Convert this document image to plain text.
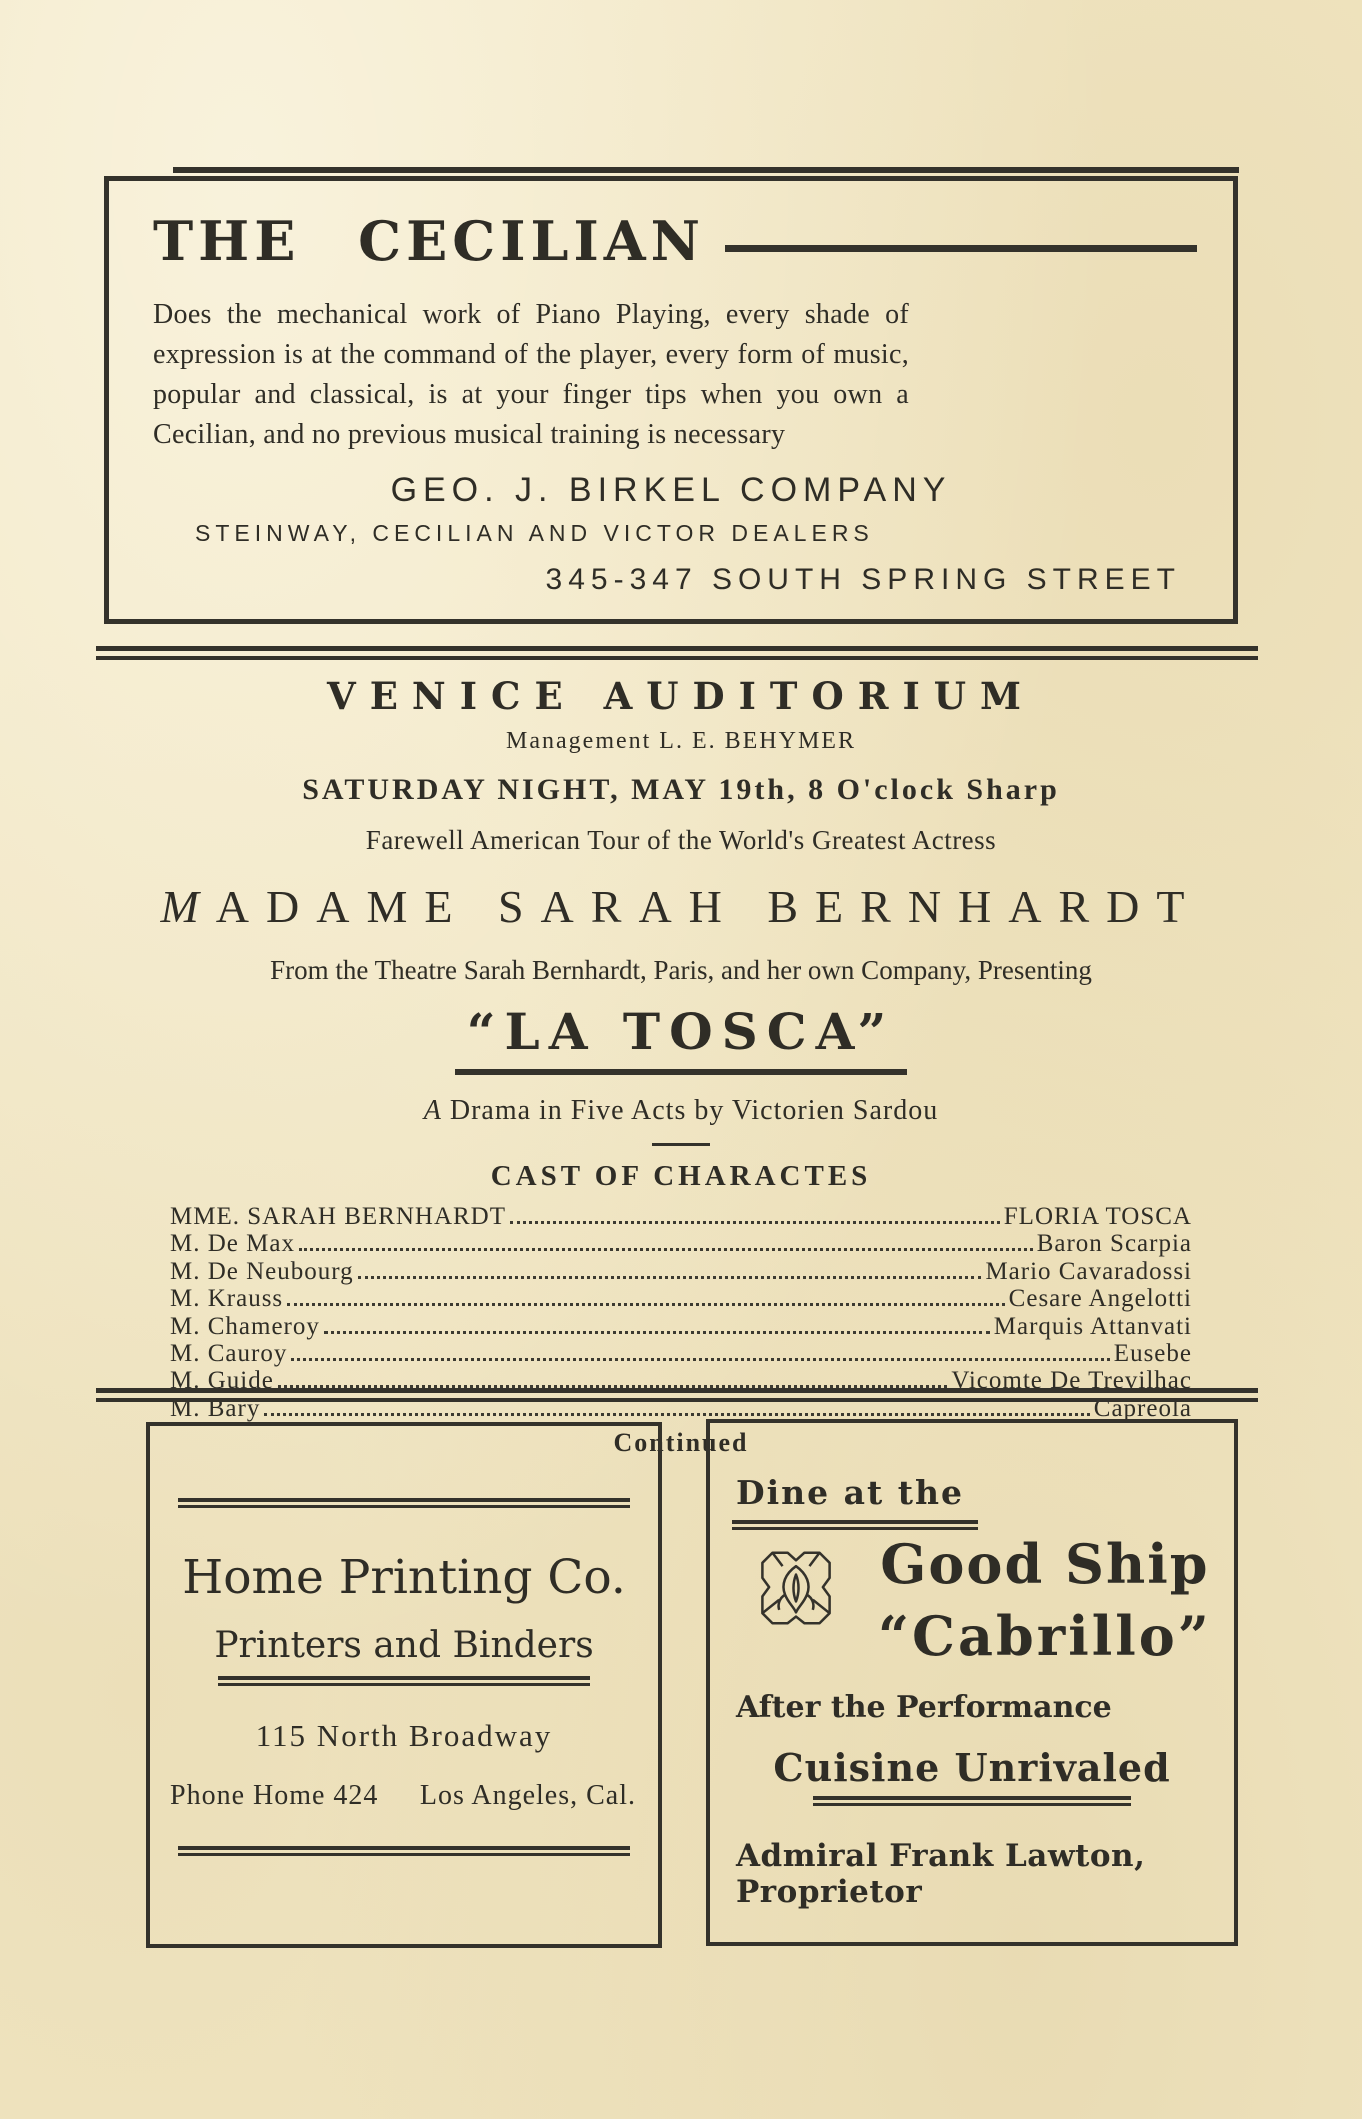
THE CECILIAN
Does the mechanical work of Piano Playing, every shade of expression is at the command of the player, every form of music, popular and classical, is at your finger tips when you own a Cecilian, and no previous musical training is necessary
GEO. J. BIRKEL COMPANY
STEINWAY, CECILIAN AND VICTOR DEALERS
345-347 SOUTH SPRING STREET
VENICE AUDITORIUM
Management L. E. BEHYMER
SATURDAY NIGHT, MAY 19th, 8 O'clock Sharp
Farewell American Tour of the World's Greatest Actress
MADAME SARAH BERNHARDT
From the Theatre Sarah Bernhardt, Paris, and her own Company, Presenting
“LA TOSCA”
A Drama in Five Acts by Victorien Sardou
CAST OF CHARACTES
MME. SARAH BERNHARDT	FLORIA TOSCA
M. De Max	Baron Scarpia
M. De Neubourg	Mario Cavaradossi
M. Krauss	Cesare Angelotti
M. Chameroy	Marquis Attanvati
M. Cauroy	Eusebe
M. Guide	Vicomte De Trevilhac
M. Bary	Capreola
Continued
Home Printing Co.
Printers and Binders
115 North Broadway
Phone Home 424 Los Angeles, Cal.
Dine at the
Good Ship
“Cabrillo”
After the Performance
Cuisine Unrivaled
Admiral Frank Lawton, Proprietor
